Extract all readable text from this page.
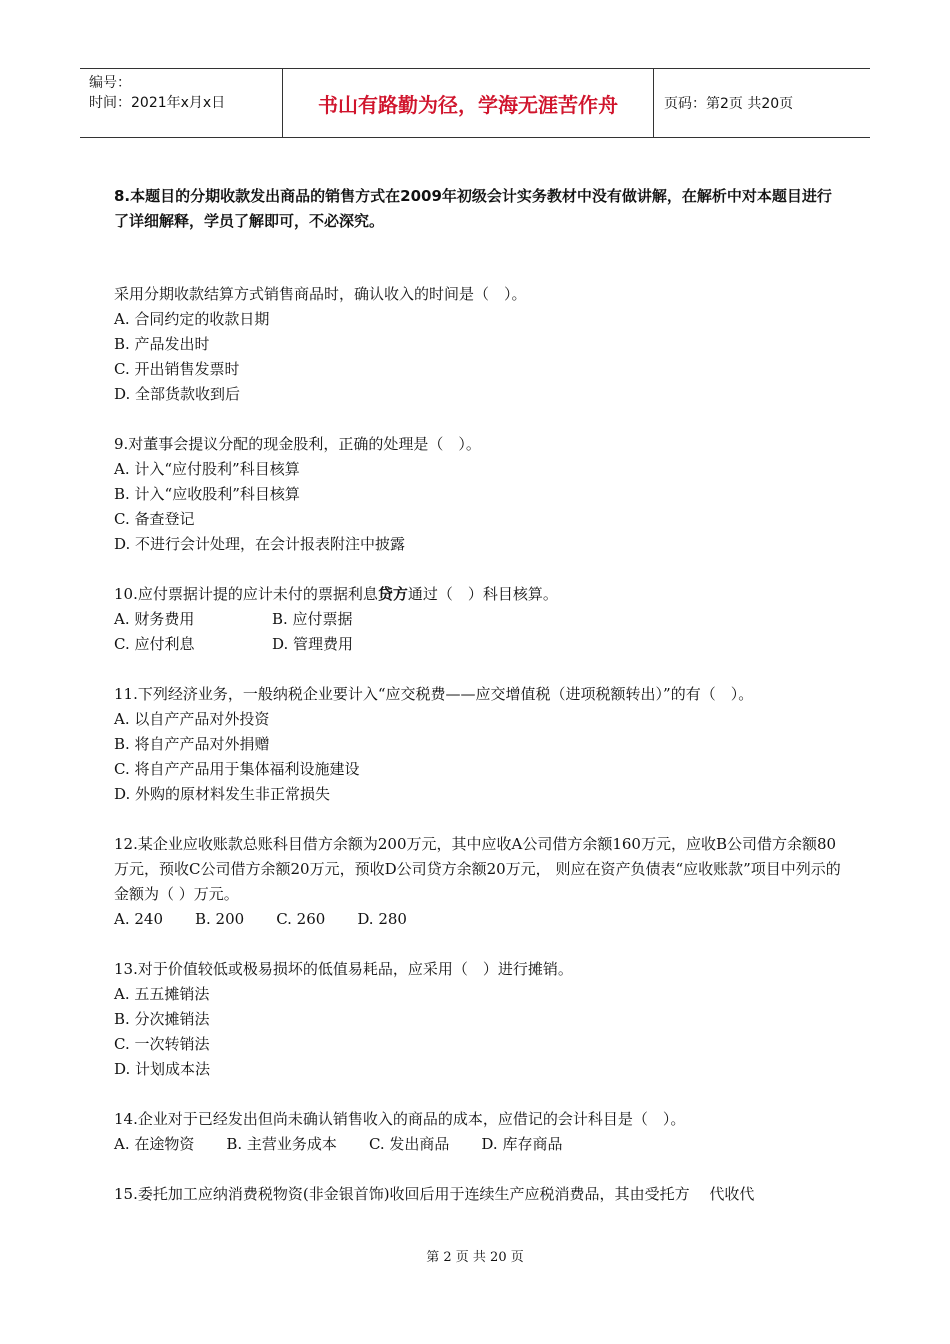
编号：
时间：2021年x月x日	书山有路勤为径，学海无涯苦作舟	页码：第2页 共20页
8.本题目的分期收款发出商品的销售方式在2009年初级会计实务教材中没有做讲解，在解析中对本题目进行了详细解释，学员了解即可，不必深究。
采用分期收款结算方式销售商品时，确认收入的时间是（　）。
A. 合同约定的收款日期
B. 产品发出时
C. 开出销售发票时
D. 全部货款收到后
9.对董事会提议分配的现金股利，正确的处理是（　）。
A. 计入“应付股利”科目核算
B. 计入“应收股利”科目核算
C. 备查登记
D. 不进行会计处理，在会计报表附注中披露
10.应付票据计提的应计未付的票据利息贷方通过（　）科目核算。
A. 财务费用	B. 应付票据
C. 应付利息	D. 管理费用
11.下列经济业务，一般纳税企业要计入“应交税费——应交增值税（进项税额转出）”的有（　）。
A. 以自产产品对外投资
B. 将自产产品对外捐赠
C. 将自产产品用于集体福利设施建设
D. 外购的原材料发生非正常损失
12.某企业应收账款总账科目借方余额为200万元，其中应收A公司借方余额160万元，应收B公司借方余额80万元，预收C公司借方余额20万元，预收D公司贷方余额20万元， 则应在资产负债表“应收账款”项目中列示的金额为（ ）万元。
A. 240 B. 200 C. 260 D. 280
13.对于价值较低或极易损坏的低值易耗品，应采用（　）进行摊销。
A. 五五摊销法
B. 分次摊销法
C. 一次转销法
D. 计划成本法
14.企业对于已经发出但尚未确认销售收入的商品的成本，应借记的会计科目是（　）。
A. 在途物资 B. 主营业务成本 C. 发出商品 D. 库存商品
15.委托加工应纳消费税物资(非金银首饰)收回后用于连续生产应税消费品，其由受托方　 代收代
第 2 页 共 20 页
